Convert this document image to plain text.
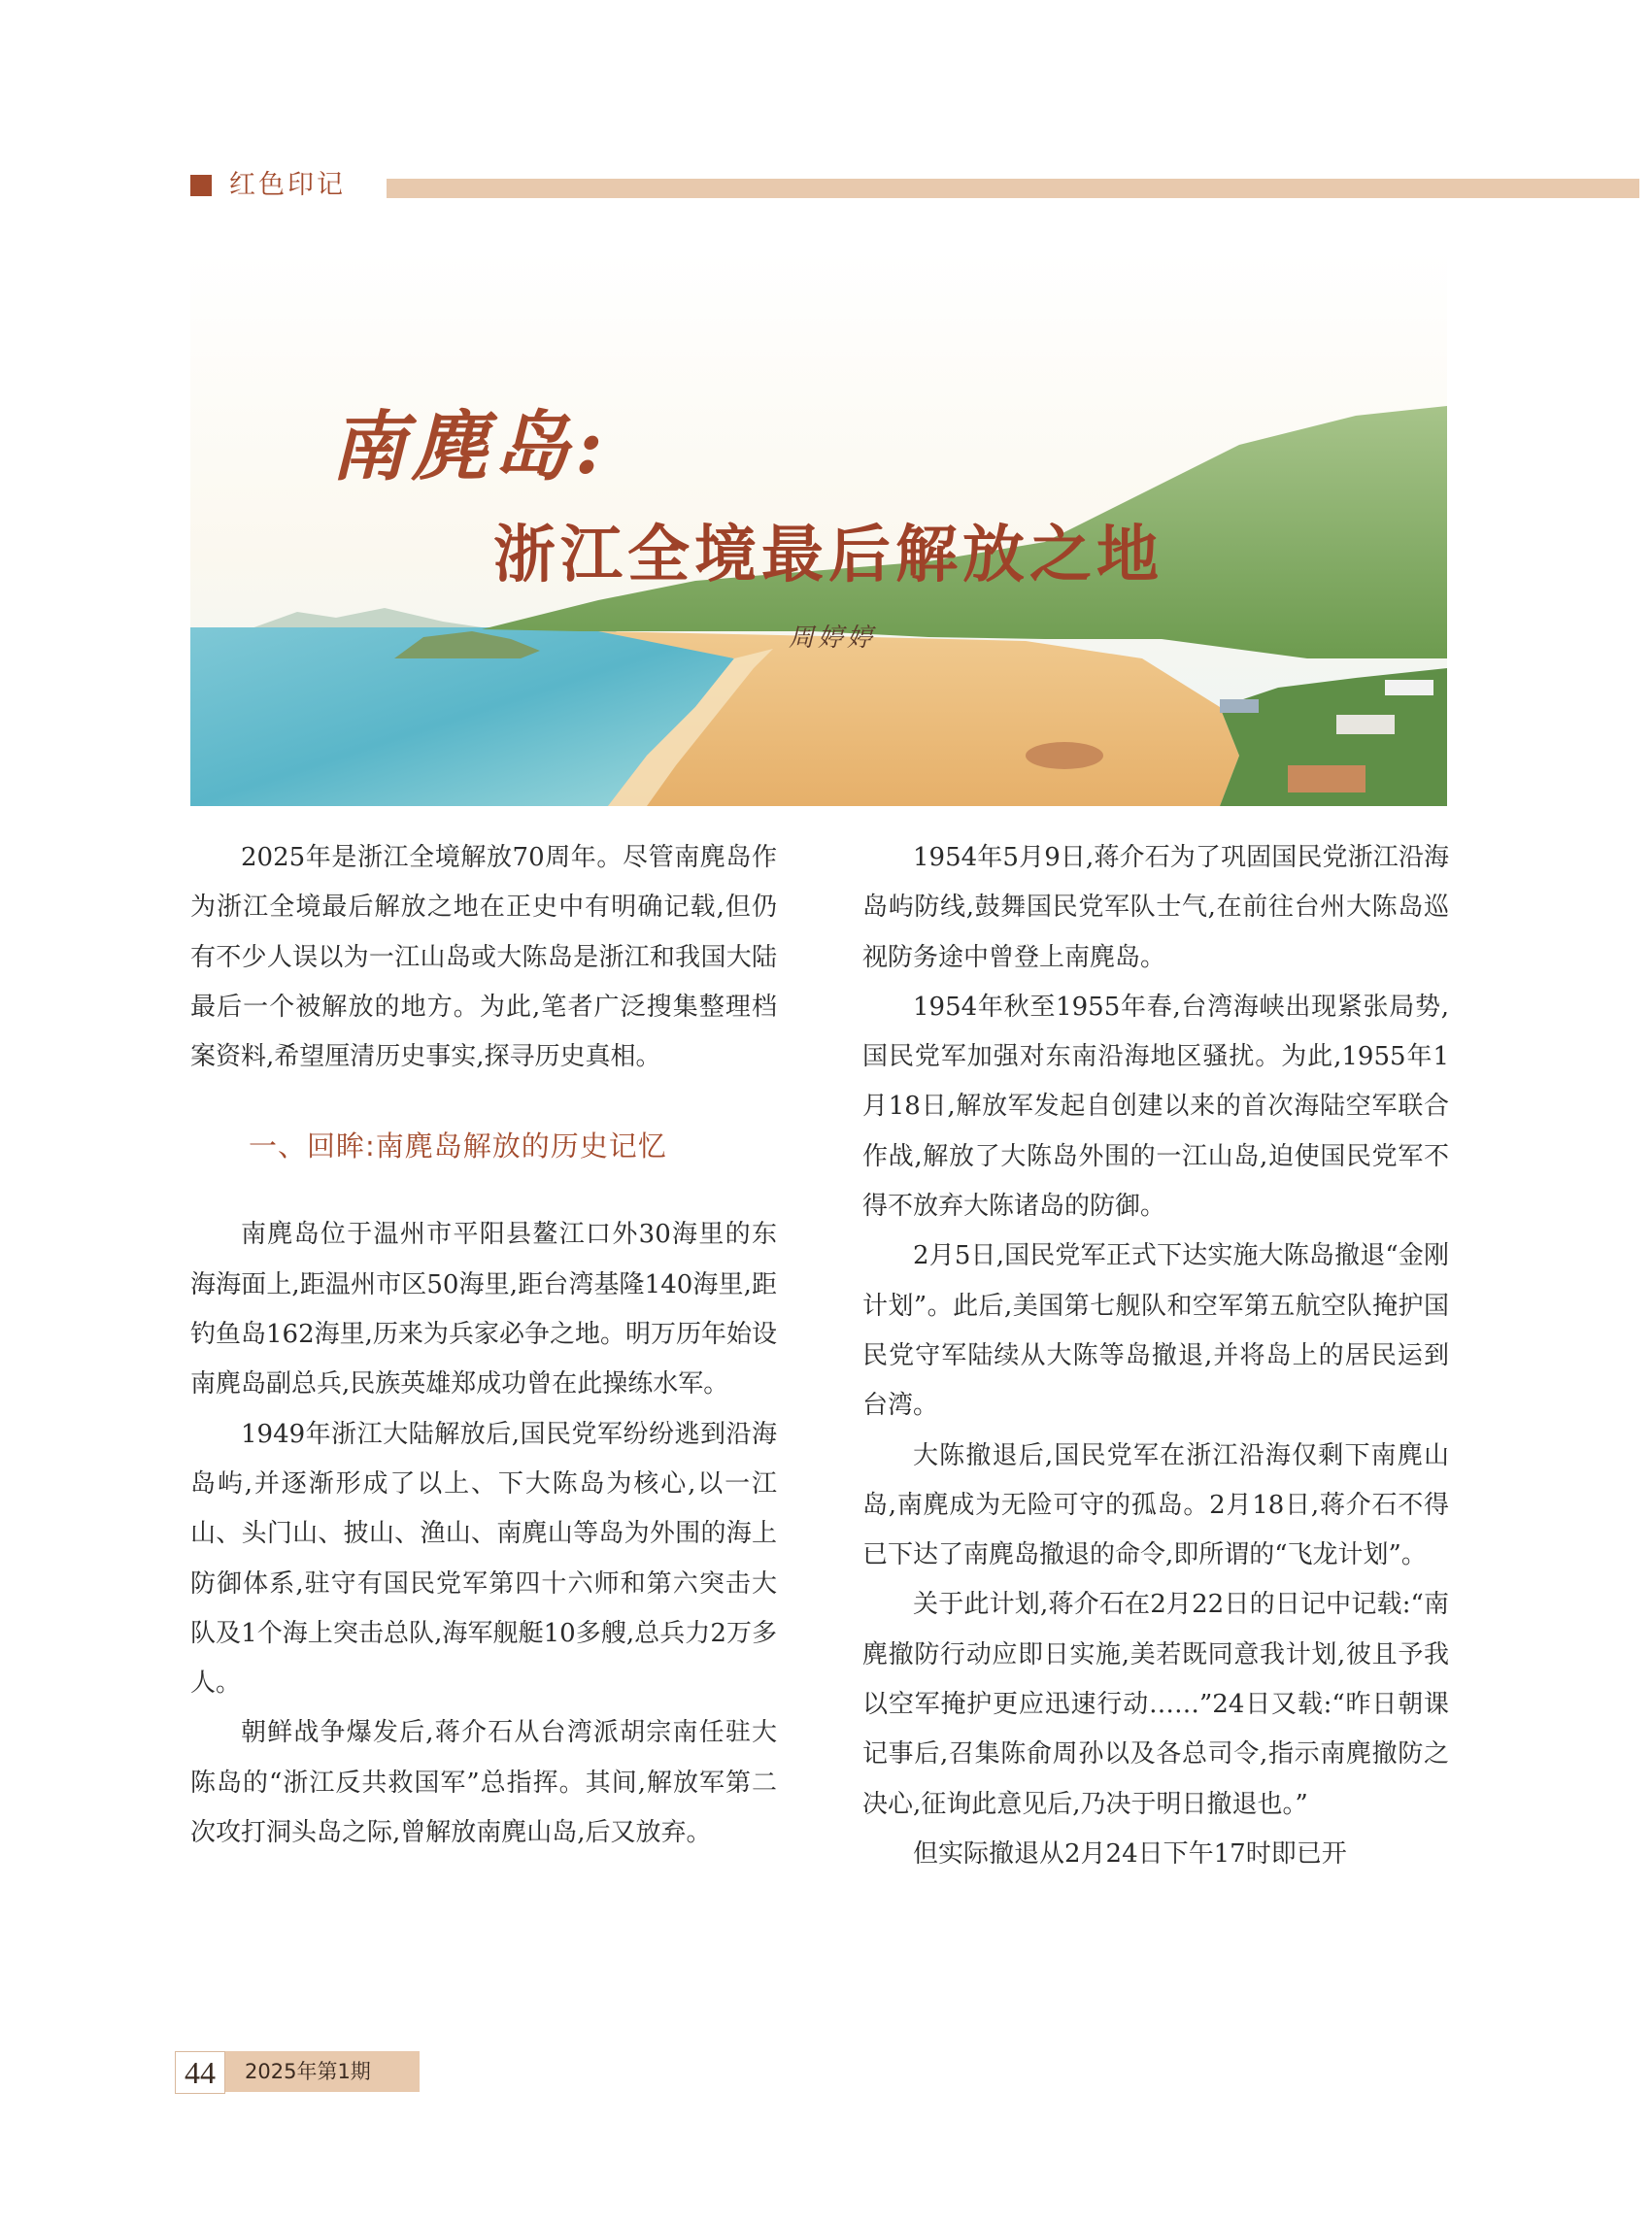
红色印记
南麂岛:
浙江全境最后解放之地
周婷婷

2025年是浙江全境解放70周年。尽管南麂岛作为浙江全境最后解放之地在正史中有明确记载,但仍有不少人误以为一江山岛或大陈岛是浙江和我国大陆最后一个被解放的地方。为此,笔者广泛搜集整理档案资料,希望厘清历史事实,探寻历史真相。

一、回眸:南麂岛解放的历史记忆

南麂岛位于温州市平阳县鳌江口外30海里的东海海面上,距温州市区50海里,距台湾基隆140海里,距钓鱼岛162海里,历来为兵家必争之地。明万历年始设南麂岛副总兵,民族英雄郑成功曾在此操练水军。

1949年浙江大陆解放后,国民党军纷纷逃到沿海岛屿,并逐渐形成了以上、下大陈岛为核心,以一江山、头门山、披山、渔山、南麂山等岛为外围的海上防御体系,驻守有国民党军第四十六师和第六突击大队及1个海上突击总队,海军舰艇10多艘,总兵力2万多人。

朝鲜战争爆发后,蒋介石从台湾派胡宗南任驻大陈岛的“浙江反共救国军”总指挥。其间,解放军第二次攻打洞头岛之际,曾解放南麂山岛,后又放弃。

1954年5月9日,蒋介石为了巩固国民党浙江沿海岛屿防线,鼓舞国民党军队士气,在前往台州大陈岛巡视防务途中曾登上南麂岛。

1954年秋至1955年春,台湾海峡出现紧张局势,国民党军加强对东南沿海地区骚扰。为此,1955年1月18日,解放军发起自创建以来的首次海陆空军联合作战,解放了大陈岛外围的一江山岛,迫使国民党军不得不放弃大陈诸岛的防御。

2月5日,国民党军正式下达实施大陈岛撤退“金刚计划”。此后,美国第七舰队和空军第五航空队掩护国民党守军陆续从大陈等岛撤退,并将岛上的居民运到台湾。

大陈撤退后,国民党军在浙江沿海仅剩下南麂山岛,南麂成为无险可守的孤岛。2月18日,蒋介石不得已下达了南麂岛撤退的命令,即所谓的“飞龙计划”。

关于此计划,蒋介石在2月22日的日记中记载:“南麂撤防行动应即日实施,美若既同意我计划,彼且予我以空军掩护更应迅速行动……”24日又载:“昨日朝课记事后,召集陈俞周孙以及各总司令,指示南麂撤防之决心,征询此意见后,乃决于明日撤退也。”

但实际撤退从2月24日下午17时即已开

44	2025年第1期
